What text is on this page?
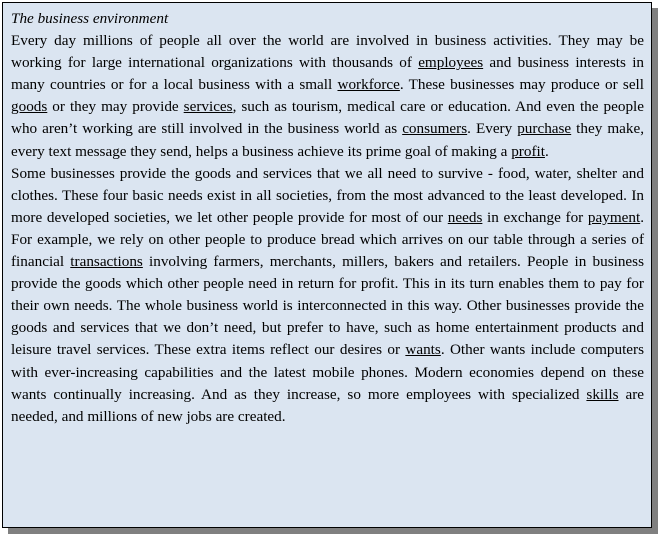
The business environment
Every day millions of people all over the world are involved in business activities. They may be working for large international organizations with thousands of employees and business interests in many countries or for a local business with a small workforce. These businesses may produce or sell goods or they may provide services, such as tourism, medical care or education. And even the people who aren’t working are still involved in the business world as consumers. Every purchase they make, every text message they send, helps a business achieve its prime goal of making a profit.
Some businesses provide the goods and services that we all need to survive - food, water, shelter and clothes. These four basic needs exist in all societies, from the most advanced to the least developed. In more developed societies, we let other people provide for most of our needs in exchange for payment. For example, we rely on other people to produce bread which arrives on our table through a series of financial transactions involving farmers, merchants, millers, bakers and retailers. People in business provide the goods which other people need in return for profit. This in its turn enables them to pay for their own needs. The whole business world is interconnected in this way. Other businesses provide the goods and services that we don’t need, but prefer to have, such as home entertainment products and leisure travel services. These extra items reflect our desires or wants. Other wants include computers with ever-increasing capabilities and the latest mobile phones. Modern economies depend on these wants continually increasing. And as they increase, so more employees with specialized skills are needed, and millions of new jobs are created.
